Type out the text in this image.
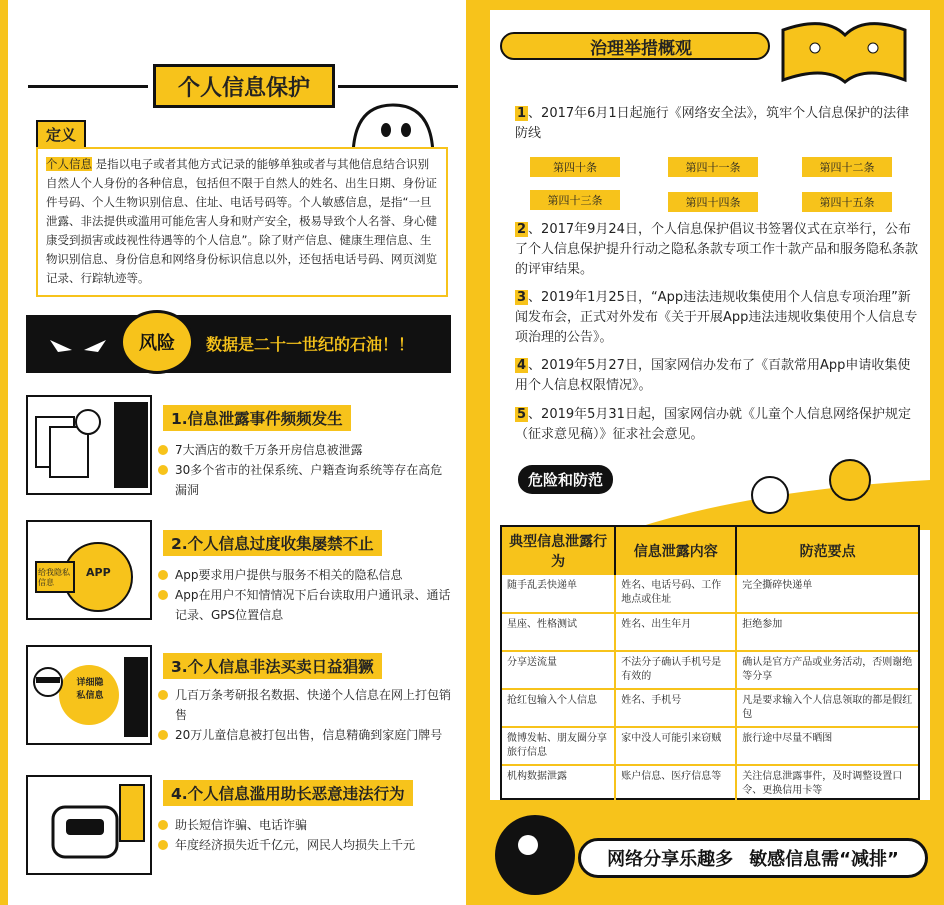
个人信息保护
定义
个人信息 是指以电子或者其他方式记录的能够单独或者与其他信息结合识别自然人个人身份的各种信息，包括但不限于自然人的姓名、出生日期、身份证件号码、个人生物识别信息、住址、电话号码等。个人敏感信息，是指“一旦泄露、非法提供或滥用可能危害人身和财产安全，极易导致个人名誉、身心健康受到损害或歧视性待遇等的个人信息”。除了财产信息、健康生理信息、生物识别信息、身份信息和网络身份标识信息以外，还包括电话号码、网页浏览记录、行踪轨迹等。
风险	数据是二十一世纪的石油！！
1.信息泄露事件频频发生
7大酒店的数千万条开房信息被泄露
30多个省市的社保系统、户籍查询系统等存在高危漏洞
APP
给我隐私信息
2.个人信息过度收集屡禁不止
App要求用户提供与服务不相关的隐私信息
App在用户不知情情况下后台读取用户通讯录、通话记录、GPS位置信息
详细隐私信息
3.个人信息非法买卖日益猖獗
几百万条考研报名数据、快递个人信息在网上打包销售
20万儿童信息被打包出售，信息精确到家庭门牌号
4.个人信息滥用助长恶意违法行为
助长短信诈骗、电话诈骗
年度经济损失近千亿元，网民人均损失上千元
治理举措概观
1 、2017年6月1日起施行《网络安全法》，筑牢个人信息保护的法律防线
第四十条	第四十一条	第四十二条
第四十三条	第四十四条	第四十五条
2 、2017年9月24日，个人信息保护倡议书签署仪式在京举行，公布了个人信息保护提升行动之隐私条款专项工作十款产品和服务隐私条款的评审结果。
3 、2019年1月25日，“App违法违规收集使用个人信息专项治理”新闻发布会，正式对外发布《关于开展App违法违规收集使用个人信息专项治理的公告》。
4 、2019年5月27日，国家网信办发布了《百款常用App申请收集使用个人信息权限情况》。
5 、2019年5月31日起，国家网信办就《儿童个人信息网络保护规定（征求意见稿）》征求社会意见。
危险和防范
典型信息泄露行为	信息泄露内容	防范要点
随手乱丢快递单	姓名、电话号码、工作地点或住址	完全撕碎快递单
星座、性格测试	姓名、出生年月	拒绝参加
分享送流量	不法分子确认手机号是有效的	确认是官方产品或业务活动，否则谢绝等分享
抢红包输入个人信息	姓名、手机号	凡是要求输入个人信息领取的都是假红包
微博发帖、朋友圈分享旅行信息	家中没人可能引来窃贼	旅行途中尽量不晒图
机构数据泄露	账户信息、医疗信息等	关注信息泄露事件，及时调整设置口令、更换信用卡等
网络分享乐趣多 敏感信息需“减排”
